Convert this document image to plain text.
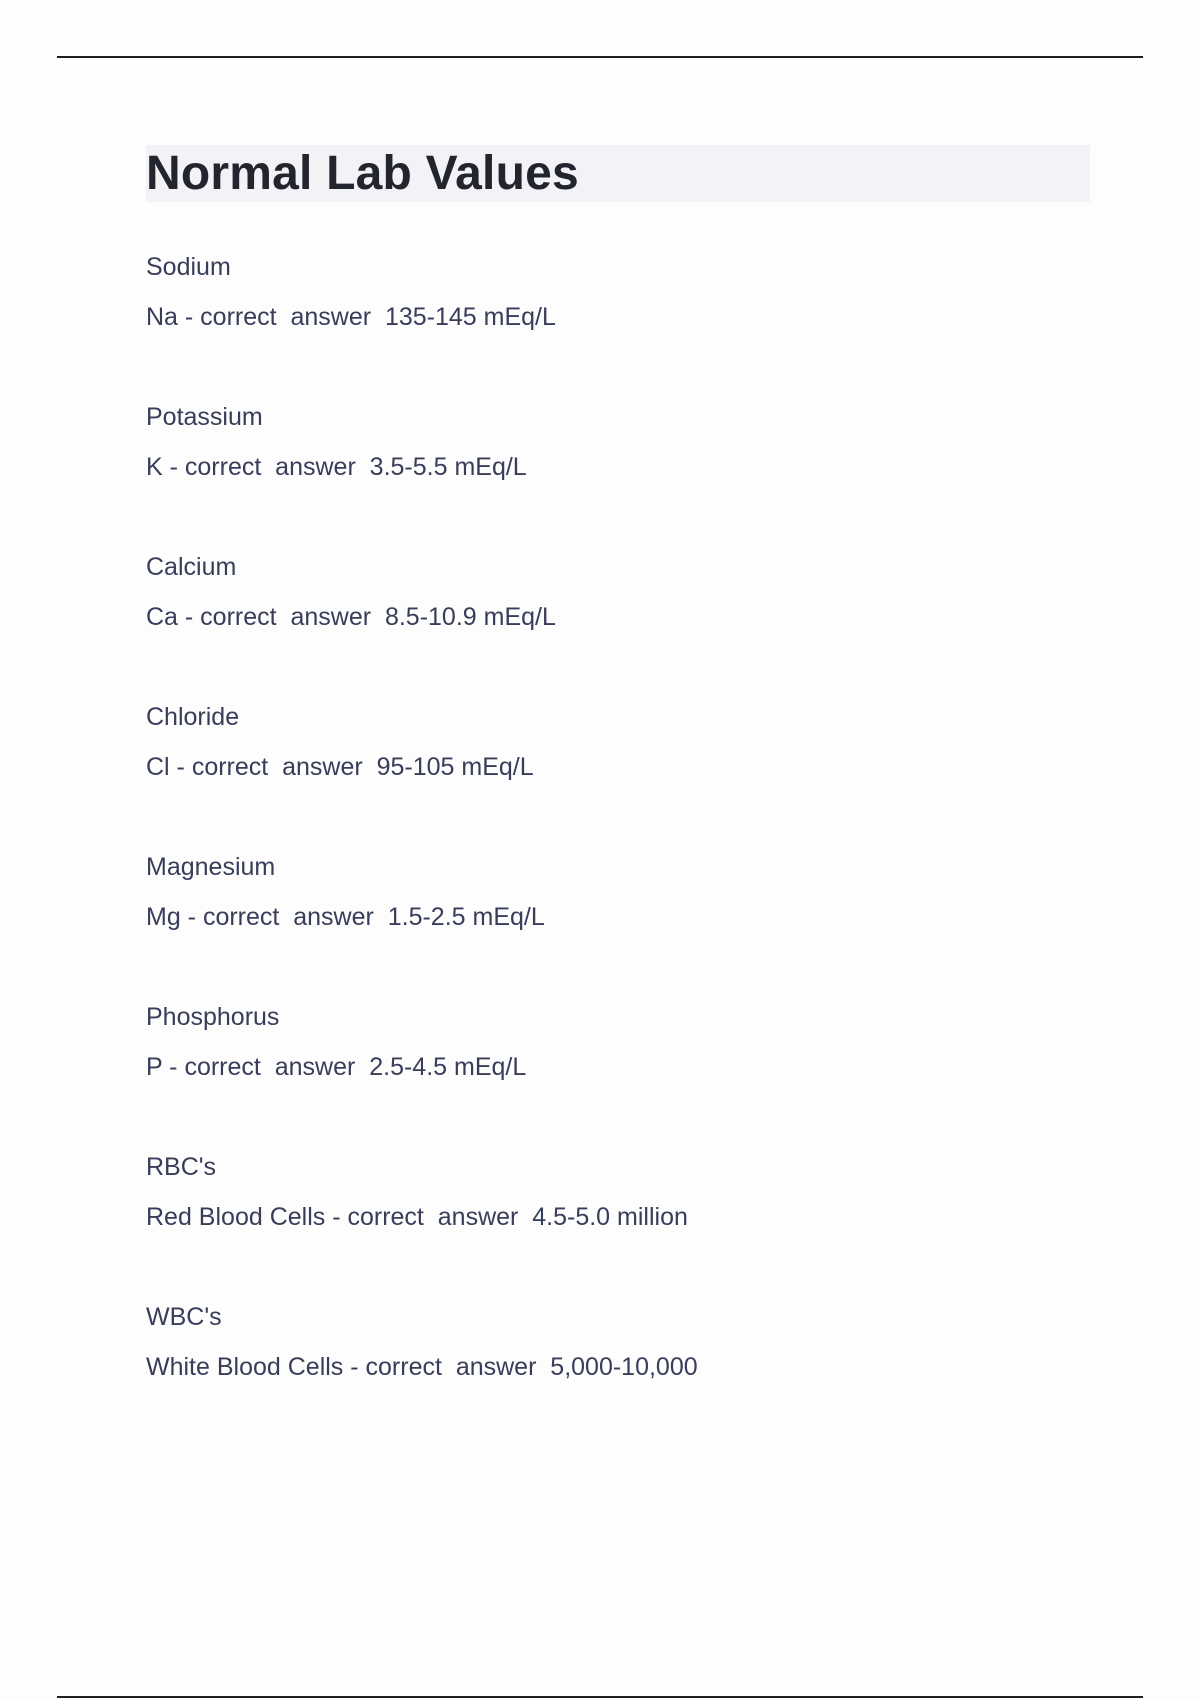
Normal Lab Values
Sodium
Na - correct  answer  135-145 mEq/L
Potassium
K - correct  answer  3.5-5.5 mEq/L
Calcium
Ca - correct  answer  8.5-10.9 mEq/L
Chloride
Cl - correct  answer  95-105 mEq/L
Magnesium
Mg - correct  answer  1.5-2.5 mEq/L
Phosphorus
P - correct  answer  2.5-4.5 mEq/L
RBC's
Red Blood Cells - correct  answer  4.5-5.0 million
WBC's
White Blood Cells - correct  answer  5,000-10,000
